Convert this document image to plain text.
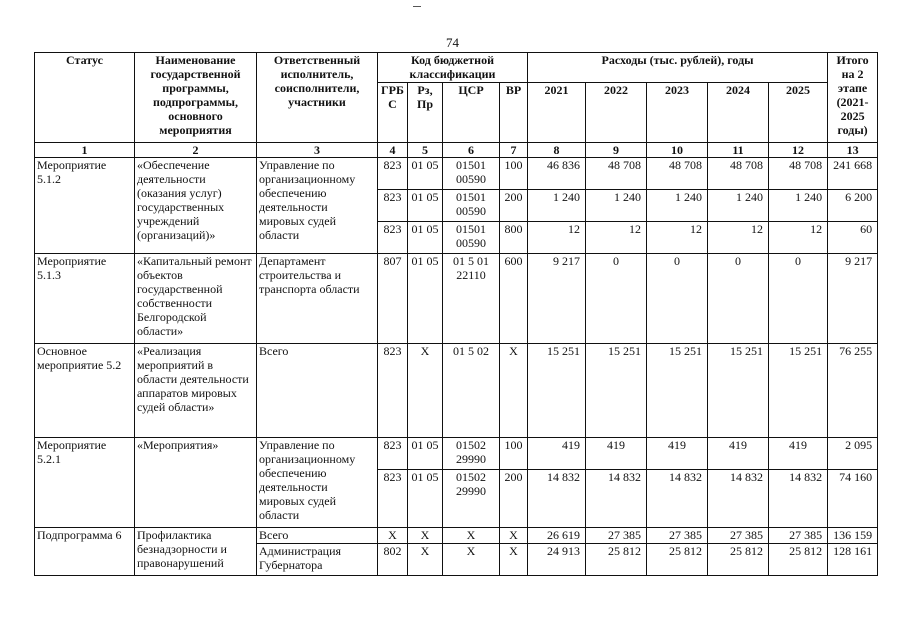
74
Статус	Наименование государственной программы, подпрограммы, основного мероприятия	Ответственный исполнитель, соисполнители, участники	Код бюджетной классификации				Расходы (тыс. рублей), годы					Итого на 2 этапе (2021-2025 годы)
			ГРБ С	Рз, Пр	ЦСР	ВР	2021	2022	2023	2024	2025	
1	2	3	4	5	6	7	8	9	10	11	12	13
Мероприятие 5.1.2	«Обеспечение деятельности (оказания услуг) государственных учреждений (организаций)»	Управление по организационному обеспечению деятельности мировых судей области	823	01 05	01501 00590	100	46 836	48 708	48 708	48 708	48 708	241 668
			823	01 05	01501 00590	200	1 240	1 240	1 240	1 240	1 240	6 200
			823	01 05	01501 00590	800	12	12	12	12	12	60
Мероприятие 5.1.3	«Капитальный ремонт объектов государственной собственности Белгородской области»	Департамент строительства и транспорта области	807	01 05	01 5 01 22110	600	9 217	0	0	0	0	9 217
Основное мероприятие 5.2	«Реализация мероприятий в области деятельности аппаратов мировых судей области»	Всего	823	Х	01 5 02	Х	15 251	15 251	15 251	15 251	15 251	76 255
Мероприятие 5.2.1	«Мероприятия»	Управление по организационному обеспечению деятельности мировых судей области	823	01 05	01502 29990	100	419	419	419	419	419	2 095
			823	01 05	01502 29990	200	14 832	14 832	14 832	14 832	14 832	74 160
Подпрограмма 6	Профилактика безнадзорности и правонарушений	Всего	Х	Х	Х	Х	26 619	27 385	27 385	27 385	27 385	136 159
		Администрация Губернатора	802	Х	Х	Х	24 913	25 812	25 812	25 812	25 812	128 161
